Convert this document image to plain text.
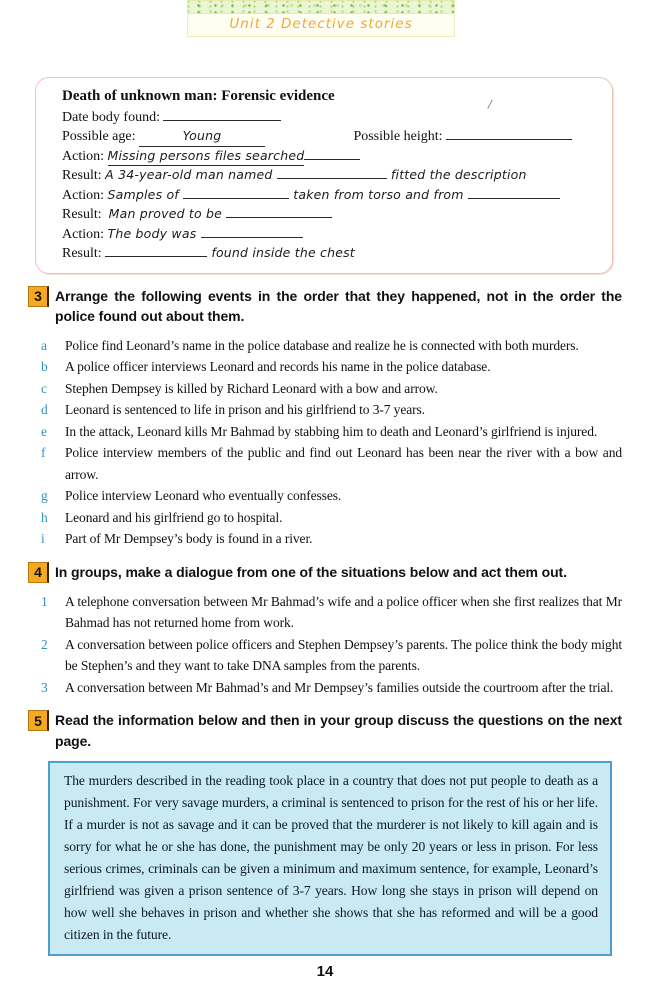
Unit 2 Detective stories
Death of unknown man: Forensic evidence
Date body found:
Possible age:	Young	Possible height:
Action: Missing persons files searched
Result: A 34-year-old man named	fitted the description
Action: Samples of	taken from torso and from
Result: Man proved to be
Action: The body was
Result:	found inside the chest
/
3 Arrange the following events in the order that they happened, not in the order the police found out about them.
a	Police find Leonard’s name in the police database and realize he is connected with both murders.
b	A police officer interviews Leonard and records his name in the police database.
c	Stephen Dempsey is killed by Richard Leonard with a bow and arrow.
d	Leonard is sentenced to life in prison and his girlfriend to 3-7 years.
e	In the attack, Leonard kills Mr Bahmad by stabbing him to death and Leonard’s girlfriend is injured.
f	Police interview members of the public and find out Leonard has been near the river with a bow and arrow.
g	Police interview Leonard who eventually confesses.
h	Leonard and his girlfriend go to hospital.
i	Part of Mr Dempsey’s body is found in a river.
4 In groups, make a dialogue from one of the situations below and act them out.
1	A telephone conversation between Mr Bahmad’s wife and a police officer when she first realizes that Mr Bahmad has not returned home from work.
2	A conversation between police officers and Stephen Dempsey’s parents. The police think the body might be Stephen’s and they want to take DNA samples from the parents.
3	A conversation between Mr Bahmad’s and Mr Dempsey’s families outside the courtroom after the trial.
5 Read the information below and then in your group discuss the questions on the next page.
The murders described in the reading took place in a country that does not put people to death as a punishment. For very savage murders, a criminal is sentenced to prison for the rest of his or her life. If a murder is not as savage and it can be proved that the murderer is not likely to kill again and is sorry for what he or she has done, the punishment may be only 20 years or less in prison. For less serious crimes, criminals can be given a minimum and maximum sentence, for example, Leonard’s girlfriend was given a prison sentence of 3-7 years. How long she stays in prison will depend on how well she behaves in prison and whether she shows that she has reformed and will be a good citizen in the future.
14
